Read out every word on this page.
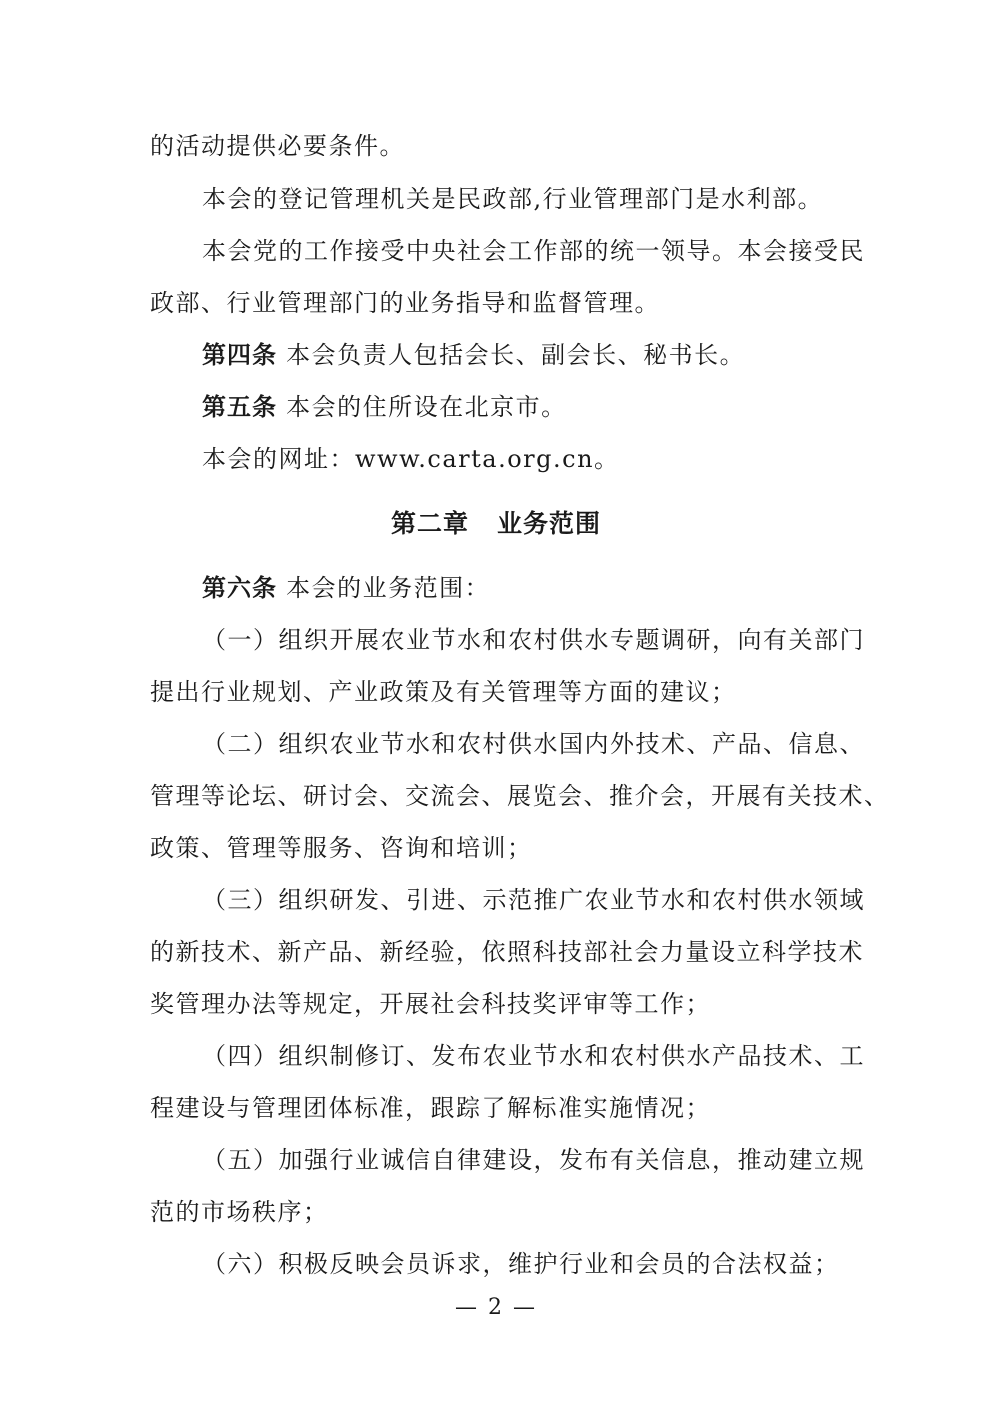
的活动提供必要条件。
本会的登记管理机关是民政部,行业管理部门是水利部。
本会党的工作接受中央社会工作部的统一领导。本会接受民
政部、行业管理部门的业务指导和监督管理。
第四条 本会负责人包括会长、副会长、秘书长。
第五条 本会的住所设在北京市。
本会的网址：www.carta.org.cn。
第二章 业务范围
第六条 本会的业务范围：
（一）组织开展农业节水和农村供水专题调研，向有关部门
提出行业规划、产业政策及有关管理等方面的建议；
（二）组织农业节水和农村供水国内外技术、产品、信息、
管理等论坛、研讨会、交流会、展览会、推介会，开展有关技术、
政策、管理等服务、咨询和培训；
（三）组织研发、引进、示范推广农业节水和农村供水领域
的新技术、新产品、新经验，依照科技部社会力量设立科学技术
奖管理办法等规定，开展社会科技奖评审等工作；
（四）组织制修订、发布农业节水和农村供水产品技术、工
程建设与管理团体标准，跟踪了解标准实施情况；
（五）加强行业诚信自律建设，发布有关信息，推动建立规
范的市场秩序；
（六）积极反映会员诉求，维护行业和会员的合法权益；
— 2 —
